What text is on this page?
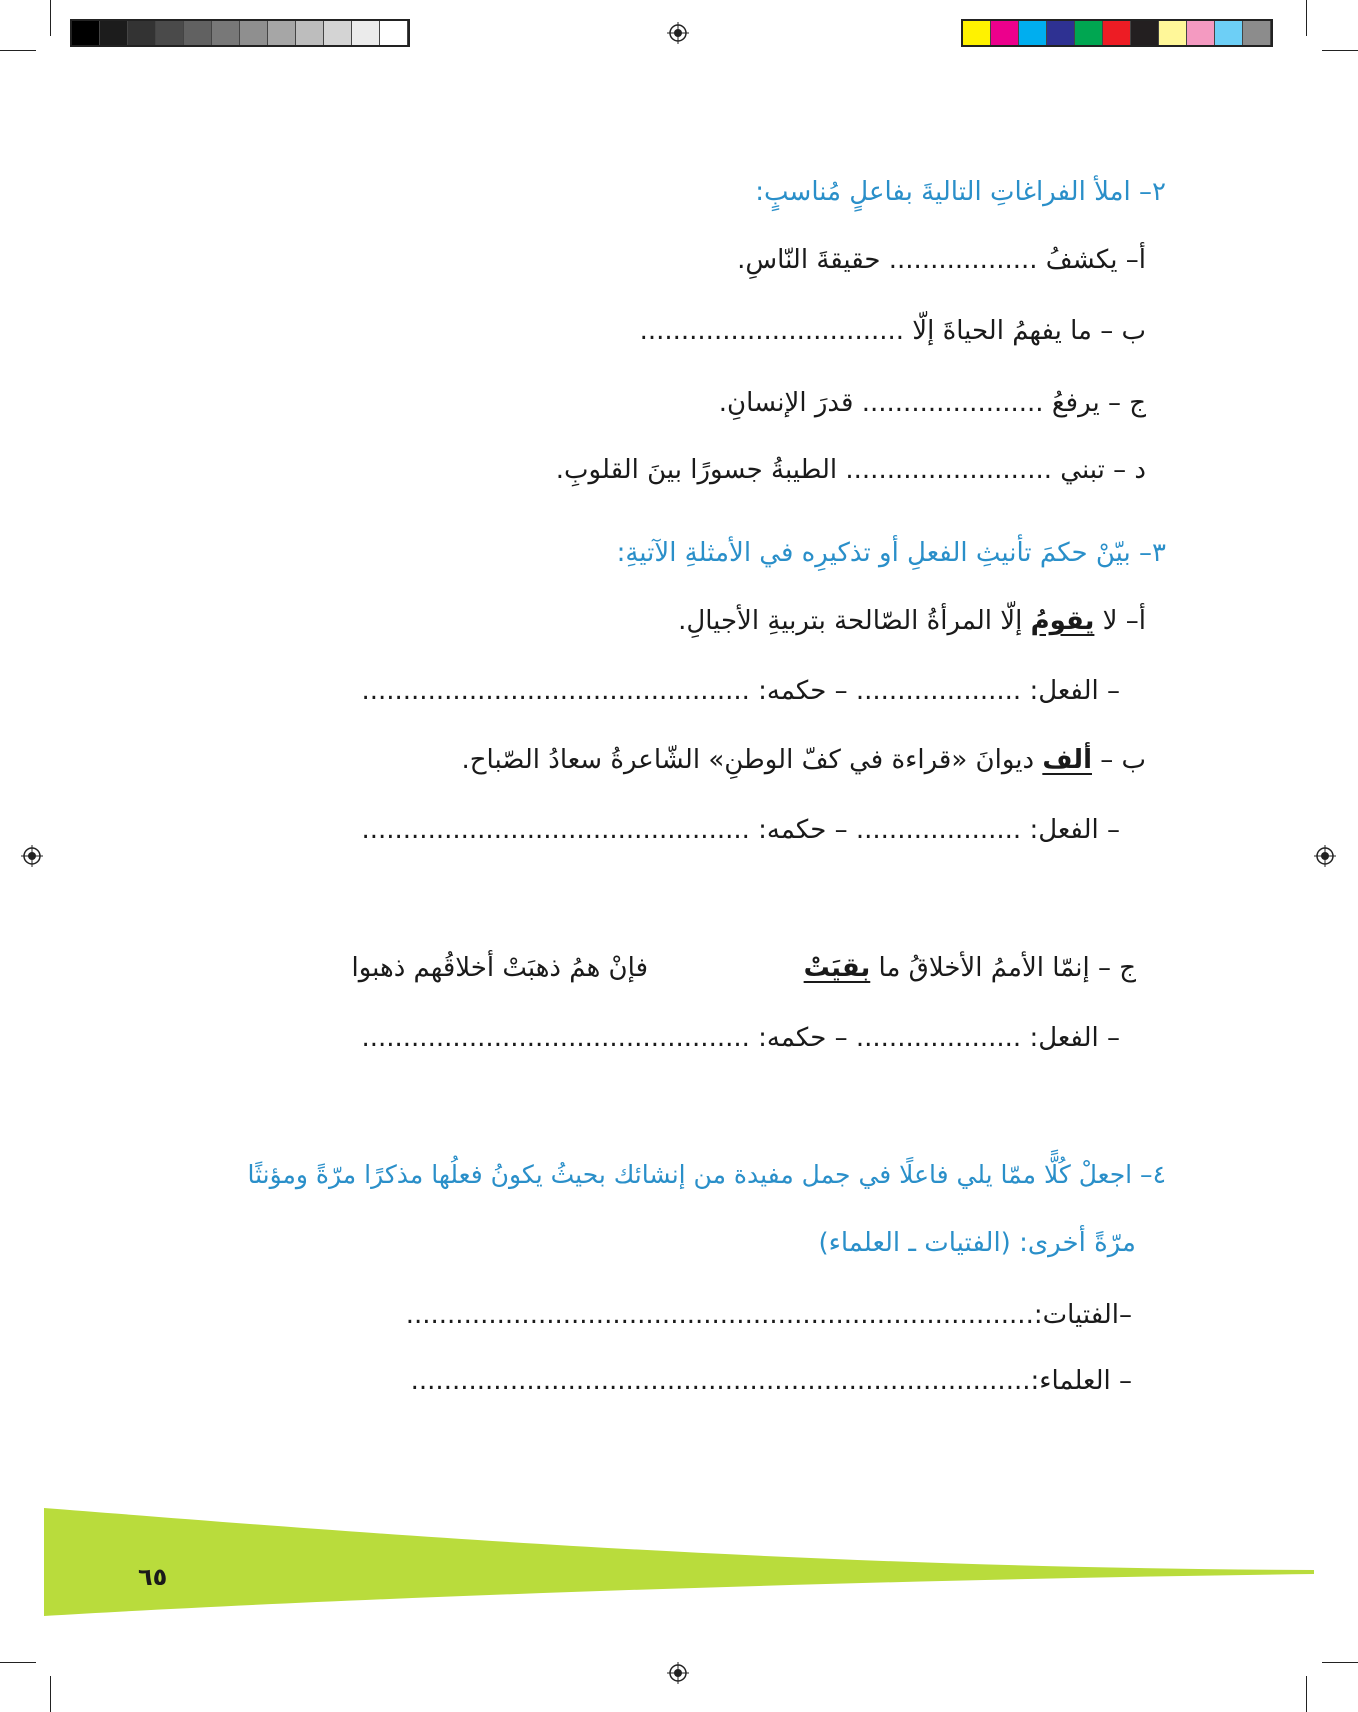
٢– املأ الفراغاتِ التاليةَ بفاعلٍ مُناسبٍ:
أ– يكشفُ .................. حقيقةَ النّاسِ.
ب – ما يفهمُ الحياةَ إلّا ................................
ج – يرفعُ ...................... قدرَ الإنسانِ.
د – تبني ......................... الطيبةُ جسورًا بينَ القلوبِ.
٣– بيّنْ حكمَ تأنيثِ الفعلِ أو تذكيرِه في الأمثلةِ الآتيةِ:
أ– لا يقومُ إلّا المرأةُ الصّالحة بتربيةِ الأجيالِ.
– الفعل: .................... – حكمه: ...............................................
ب – ألف ديوانَ «قراءة في كفّ الوطنِ» الشّاعرةُ سعادُ الصّباح.
– الفعل: .................... – حكمه: ...............................................
ج – إنمّا الأممُ الأخلاقُ ما بقيَتْ
فإنْ همُ ذهبَتْ أخلاقُهم ذهبوا
– الفعل: .................... – حكمه: ...............................................
٤– اجعلْ كُلًّا ممّا يلي فاعلًا في جمل مفيدة من إنشائك بحيثُ يكونُ فعلُها مذكرًا مرّةً ومؤنثًا
مرّةً أخرى: (الفتيات ـ العلماء)
–الفتيات:............................................................................
– العلماء:...........................................................................
٦٥
